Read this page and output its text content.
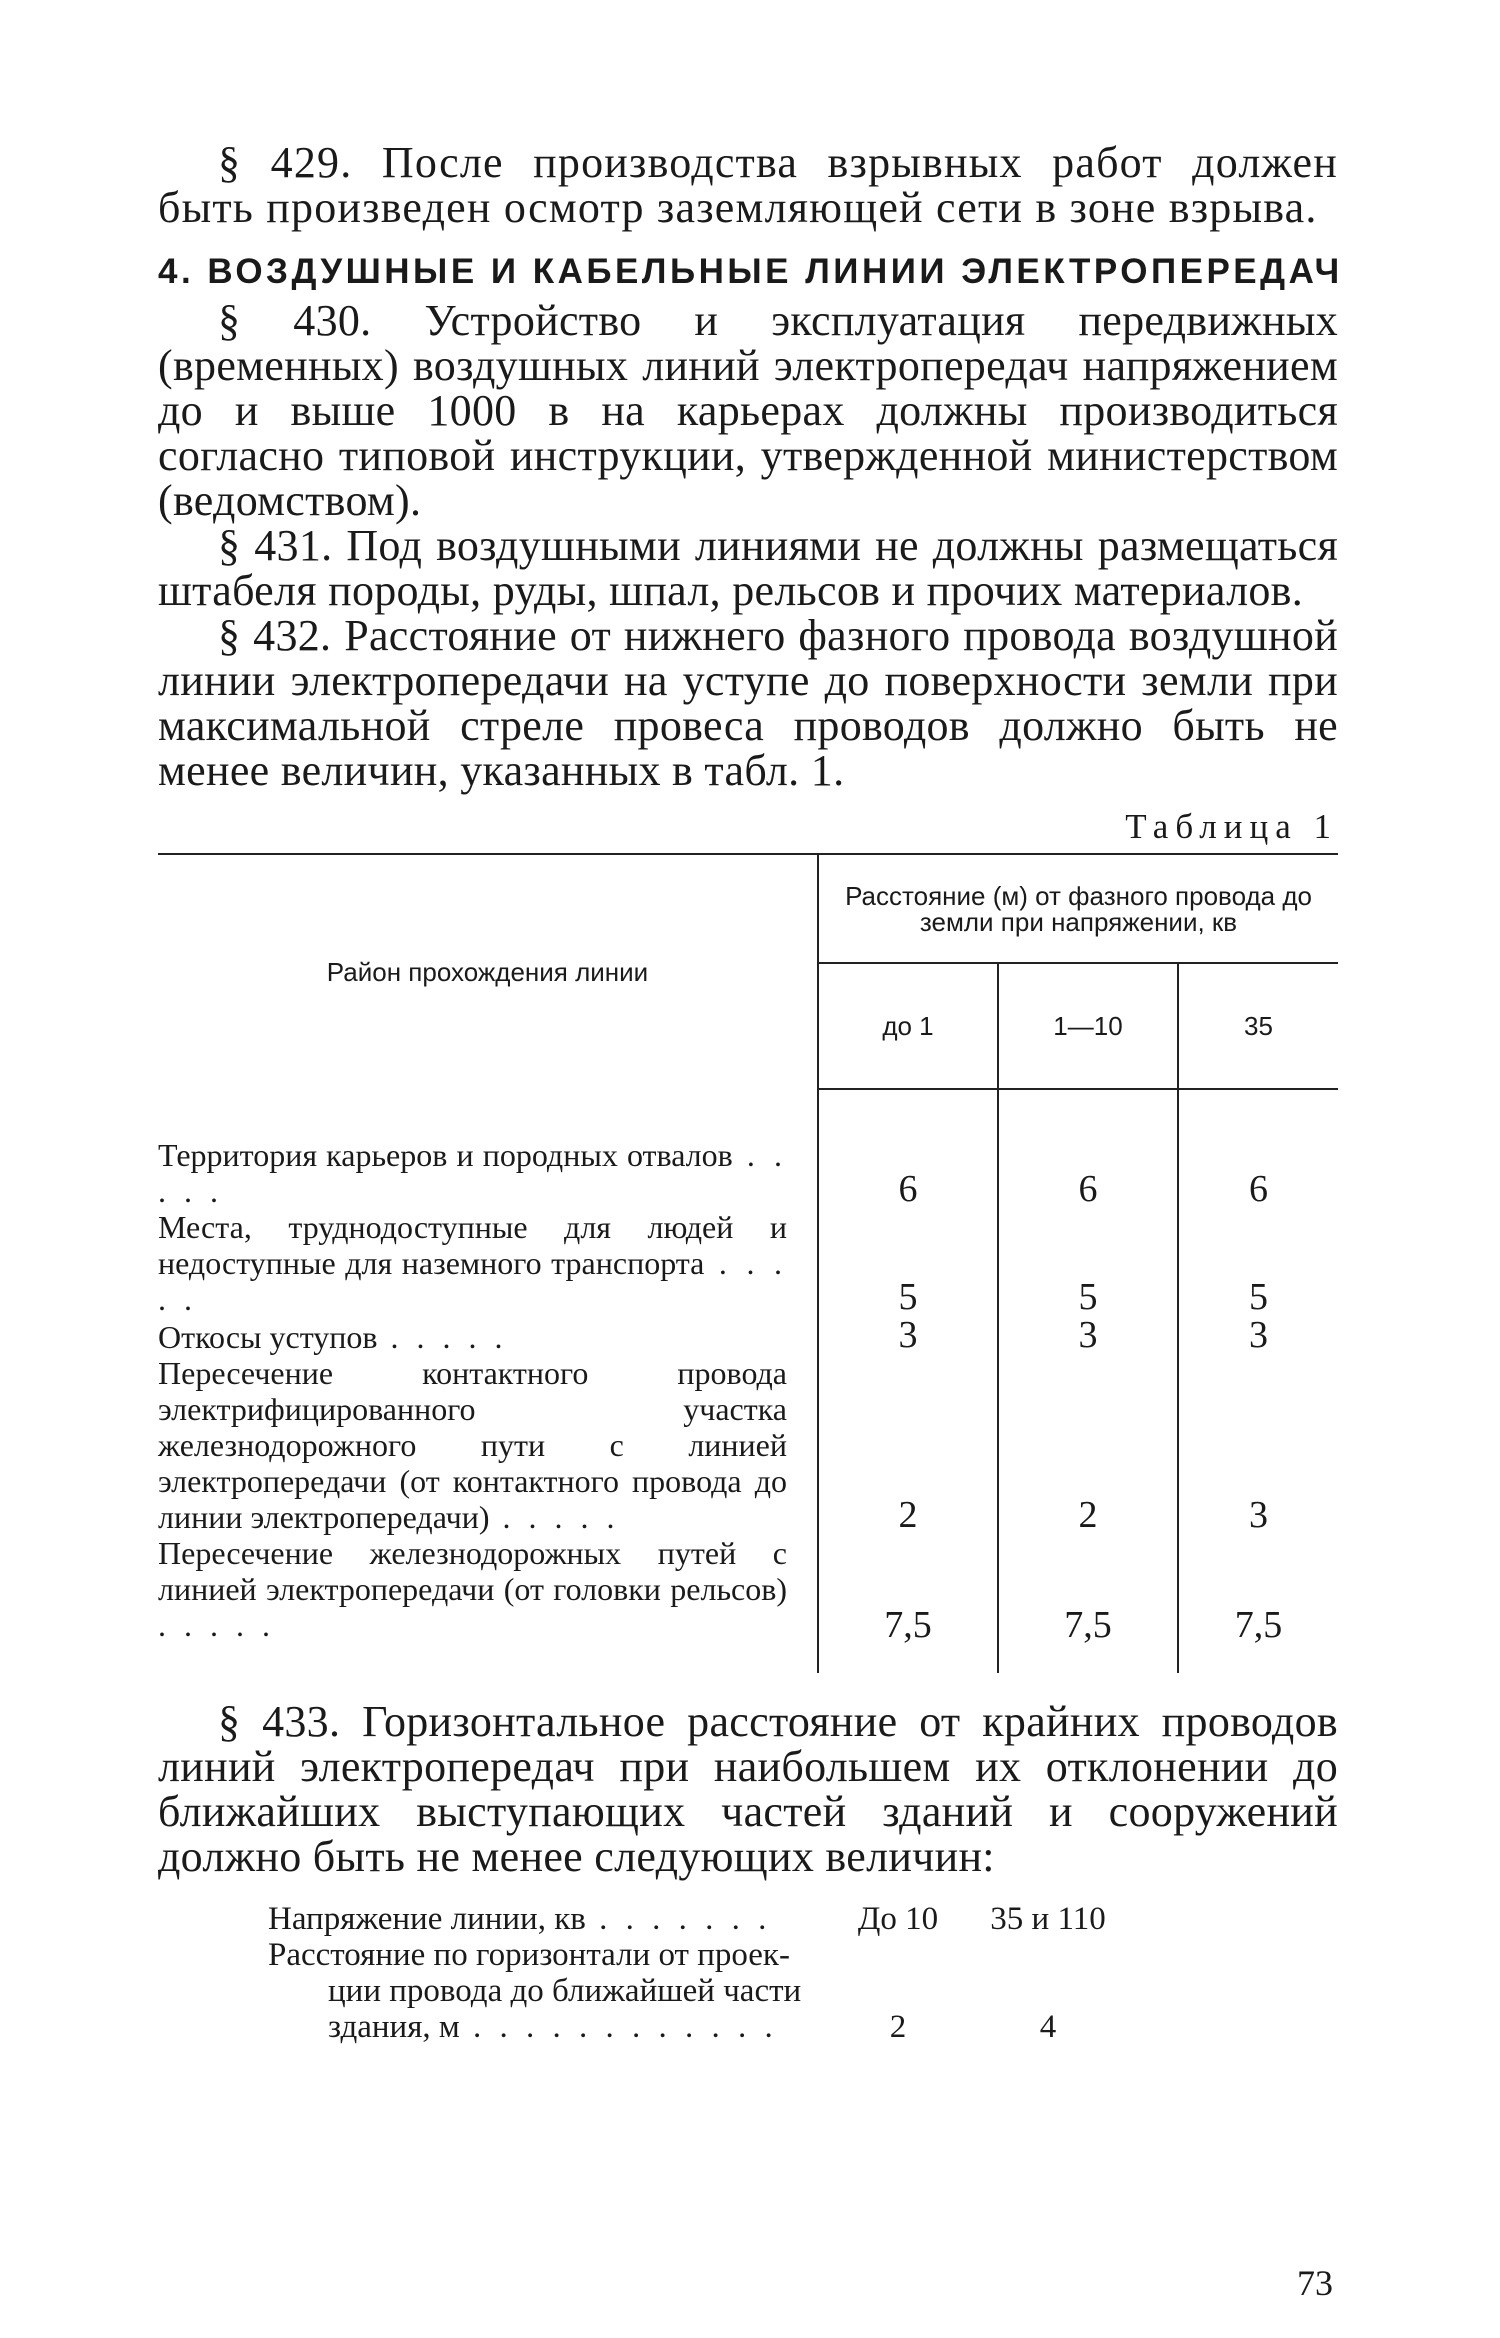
§ 429. После производства взрывных работ должен быть произведен осмотр заземляющей сети в зоне взрыва.

4. ВОЗДУШНЫЕ И КАБЕЛЬНЫЕ ЛИНИИ ЭЛЕКТРОПЕРЕДАЧ

§ 430. Устройство и эксплуатация передвижных (временных) воздушных линий электропередач напряжением до и выше 1000 в на карьерах должны производиться согласно типовой инструкции, утвержденной министерством (ведомством).

§ 431. Под воздушными линиями не должны размещаться штабеля породы, руды, шпал, рельсов и прочих материалов.

§ 432. Расстояние от нижнего фазного провода воздушной линии электропередачи на уступе до поверхности земли при максимальной стреле провеса проводов должно быть не менее величин, указанных в табл. 1.

Таблица 1
Район прохождения линии	Расстояние (м) от фазного провода до земли при напряжении, кв		
	до 1	1—10	35

Территория карьеров и породных отвалов . . . . .	6	6	6

Места, труднодоступные для людей и недоступные для наземного транспорта . . . . .	5	5	5

Откосы уступов . . . . .	3	3	3

Пересечение контактного провода электрифицированного участка железнодорожного пути с линией электропередачи (от контактного провода до линии электропередачи) . . . . .	2	2	3

Пересечение железнодорожных путей с линией электропередачи (от головки рельсов) . . . . .	7,5	7,5	7,5

§ 433. Горизонтальное расстояние от крайних проводов линий электропередач при наибольшем их отклонении до ближайших выступающих частей зданий и сооружений должно быть не менее следующих величин:

Напряжение линии, кв . . . . . . .	До 10	35 и 110
Расстояние по горизонтали от проек-
ции провода до ближайшей части
здания, м . . . . . . . . . . . .	2	4
73
